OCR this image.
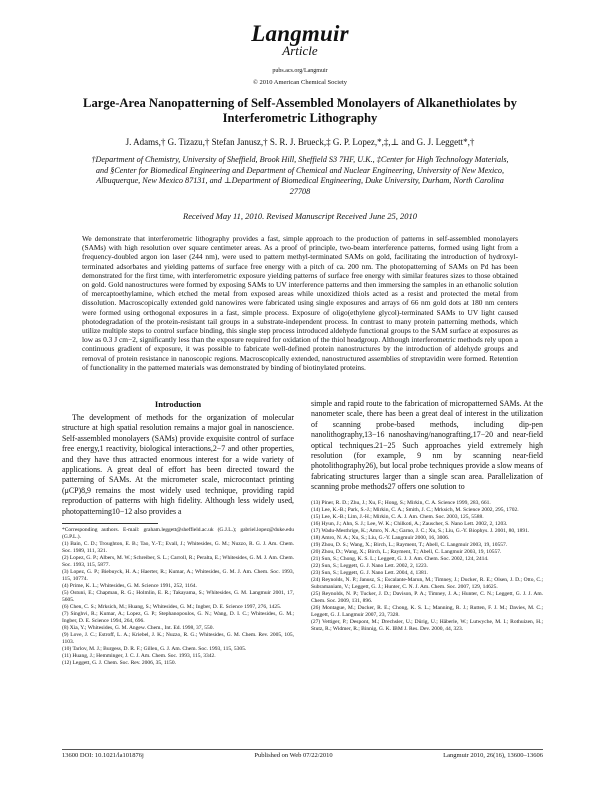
Langmuir
Article
pubs.acs.org/Langmuir
© 2010 American Chemical Society
Large-Area Nanopatterning of Self-Assembled Monolayers of Alkanethiolates by Interferometric Lithography
J. Adams,† G. Tizazu,† Stefan Janusz,† S. R. J. Brueck,‡ G. P. Lopez,*,‡,⊥ and G. J. Leggett*,†
†Department of Chemistry, University of Sheffield, Brook Hill, Sheffield S3 7HF, U.K., ‡Center for High Technology Materials, and §Center for Biomedical Engineering and Department of Chemical and Nuclear Engineering, University of New Mexico, Albuquerque, New Mexico 87131, and ⊥Department of Biomedical Engineering, Duke University, Durham, North Carolina 27708
Received May 11, 2010. Revised Manuscript Received June 25, 2010
We demonstrate that interferometric lithography provides a fast, simple approach to the production of patterns in self-assembled monolayers (SAMs) with high resolution over square centimeter areas. As a proof of principle, two-beam interference patterns, formed using light from a frequency-doubled argon ion laser (244 nm), were used to pattern methyl-terminated SAMs on gold, facilitating the introduction of hydroxyl-terminated adsorbates and yielding patterns of surface free energy with a pitch of ca. 200 nm. The photopatterning of SAMs on Pd has been demonstrated for the first time, with interferometric exposure yielding patterns of surface free energy with similar features sizes to those obtained on gold. Gold nanostructures were formed by exposing SAMs to UV interference patterns and then immersing the samples in an ethanolic solution of mercaptoethylamine, which etched the metal from exposed areas while unoxidized thiols acted as a resist and protected the metal from dissolution. Macroscopically extended gold nanowires were fabricated using single exposures and arrays of 66 nm gold dots at 180 nm centers were formed using orthogonal exposures in a fast, simple process. Exposure of oligo(ethylene glycol)-terminated SAMs to UV light caused photodegradation of the protein-resistant tail groups in a substrate-independent process. In contrast to many protein patterning methods, which utilize multiple steps to control surface binding, this single step process introduced aldehyde functional groups to the SAM surface at exposures as low as 0.3 J cm−2, significantly less than the exposure required for oxidation of the thiol headgroup. Although interferometric methods rely upon a continuous gradient of exposure, it was possible to fabricate well-defined protein nanostructures by the introduction of aldehyde groups and removal of protein resistance in nanoscopic regions. Macroscopically extended, nanostructured assemblies of streptavidin were formed. Retention of functionality in the patterned materials was demonstrated by binding of biotinylated proteins.
Introduction

The development of methods for the organization of molecular structure at high spatial resolution remains a major goal in nanoscience. Self-assembled monolayers (SAMs) provide exquisite control of surface free energy,1 reactivity, biological interactions,2−7 and other properties, and they have thus attracted enormous interest for a wide variety of applications. A great deal of effort has been directed toward the patterning of SAMs. At the micrometer scale, microcontact printing (μCP)8,9 remains the most widely used technique, providing rapid reproduction of patterns with high fidelity. Although less widely used, photopatterning10−12 also provides a

*Corresponding authors. E-mail: graham.leggett@sheffield.ac.uk (G.J.L.); gabriel.lopez@duke.edu (G.P.L.).

(1) Bain, C. D.; Troughton, E. B.; Tao, Y.-T.; Evall, J.; Whitesides, G. M.; Nuzzo, R. G. J. Am. Chem. Soc. 1989, 111, 321.

(2) Lopez, G. P.; Albers, M. W.; Schreiber, S. L.; Carroll, R.; Peralta, E.; Whitesides, G. M. J. Am. Chem. Soc. 1993, 115, 5877.

(3) Lopez, G. P.; Biebuyck, H. A.; Haerter, R.; Kumar, A.; Whitesides, G. M. J. Am. Chem. Soc. 1993, 115, 10774.

(4) Prime, K. L.; Whitesides, G. M. Science 1991, 252, 1164.

(5) Ostuni, E.; Chapman, R. G.; Holmlin, E. R.; Takayama, S.; Whitesides, G. M. Langmuir 2001, 17, 5605.

(6) Chen, C. S.; Mrksich, M.; Huang, S.; Whitesides, G. M.; Ingber, D. E. Science 1997, 276, 1425.

(7) Singhvi, R.; Kumar, A.; Lopez, G. P.; Stephanopoulos, G. N.; Wang, D. I. C.; Whitesides, G. M.; Ingber, D. E. Science 1994, 264, 696.

(8) Xia, Y.; Whitesides, G. M. Angew. Chem., Int. Ed. 1998, 37, 550.

(9) Love, J. C.; Estroff, L. A.; Kriebel, J. K.; Nuzzo, R. G.; Whitesides, G. M. Chem. Rev. 2005, 105, 1103.

(10) Tarlov, M. J.; Burgess, D. R. F.; Gillen, G. J. Am. Chem. Soc. 1993, 115, 5305.

(11) Huang, J.; Hemminger, J. C. J. Am. Chem. Soc. 1993, 115, 3342.

(12) Leggett, G. J. Chem. Soc. Rev. 2006, 35, 1150.

simple and rapid route to the fabrication of micropatterned SAMs. At the nanometer scale, there has been a great deal of interest in the utilization of scanning probe-based methods, including dip-pen nanolithography,13−16 nanoshaving/nanografting,17−20 and near-field optical techniques.21−25 Such approaches yield extremely high resolution (for example, 9 nm by scanning near-field photolithography26), but local probe techniques provide a slow means of fabricating structures larger than a single scan area. Parallelization of scanning probe methods27 offers one solution to

(13) Piner, R. D.; Zhu, J.; Xu, F.; Hong, S.; Mirkin, C. A. Science 1999, 283, 661.

(14) Lee, K.-B.; Park, S.-J.; Mirkin, C. A.; Smith, J. C.; Mrksich, M. Science 2002, 295, 1702.

(15) Lee, K.-B.; Lim, J.-H.; Mirkin, C. A. J. Am. Chem. Soc. 2003, 125, 5588.

(16) Hyun, J.; Ahn, S. J.; Lee, W. K.; Chilkoti, A.; Zauscher, S. Nano Lett. 2002, 2, 1203.

(17) Wadu-Mesthrige, K.; Amro, N. A.; Garno, J. C.; Xu, S.; Liu, G.-Y. Biophys. J. 2001, 80, 1891.

(18) Amro, N. A.; Xu, S.; Liu, G.-Y. Langmuir 2000, 16, 3006.

(19) Zhou, D. S.; Wang, X.; Birch, L.; Rayment, T.; Abell, C. Langmuir 2003, 19, 10557.

(20) Zhou, D.; Wang, X.; Birch, L.; Rayment, T.; Abell, C. Langmuir 2003, 19, 10557.

(21) Sun, S.; Chong, K. S. L.; Leggett, G. J. J. Am. Chem. Soc. 2002, 124, 2414.

(22) Sun, S.; Leggett, G. J. Nano Lett. 2002, 2, 1223.

(23) Sun, S.; Leggett, G. J. Nano Lett. 2004, 4, 1381.

(24) Reynolds, N. P.; Janusz, S.; Escalante-Marun, M.; Timney, J.; Ducker, R. E.; Olsen, J. D.; Otto, C.; Subramaniam, V.; Leggett, G. J.; Hunter, C. N. J. Am. Chem. Soc. 2007, 129, 14625.

(25) Reynolds, N. P.; Tucker, J. D.; Davison, P. A.; Timney, J. A.; Hunter, C. N.; Leggett, G. J. J. Am. Chem. Soc. 2009, 131, 896.

(26) Montague, M.; Ducker, R. E.; Chong, K. S. L.; Manning, R. J.; Rutten, F. J. M.; Davies, M. C.; Leggett, G. J. Langmuir 2007, 23, 7328.

(27) Vettiger, P.; Despont, M.; Drechsler, U.; Dürig, U.; Häberle, W.; Lutwyche, M. I.; Rothuizen, H.; Stutz, R.; Widmer, R.; Binnig, G. K. IBM J. Res. Dev. 2000, 44, 323.

13600 DOI: 10.1021/la101876j	Published on Web 07/22/2010	Langmuir 2010, 26(16), 13600–13606
